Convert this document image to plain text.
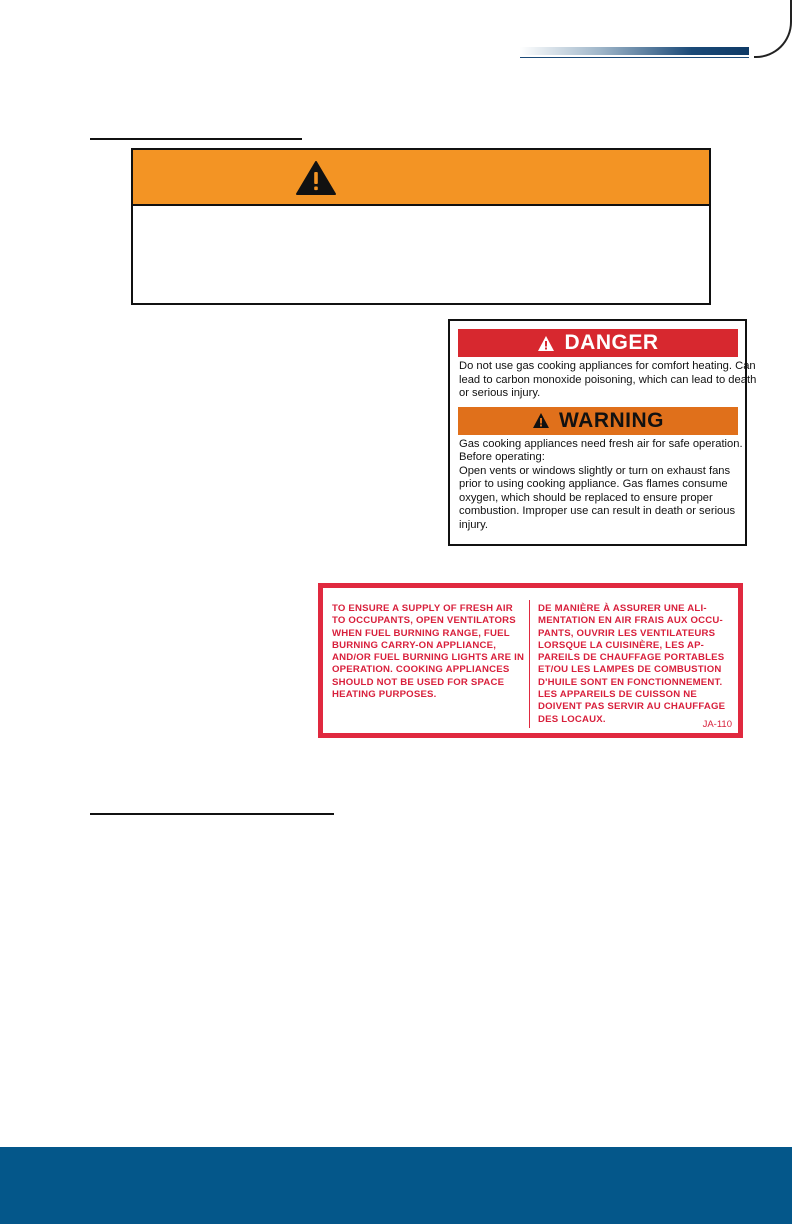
DANGER
Do not use gas cooking appliances for comfort heating. Can
lead to carbon monoxide poisoning, which can lead to death
or serious injury.
WARNING
Gas cooking appliances need fresh air for safe operation.
Before operating:
Open vents or windows slightly or turn on exhaust fans
prior to using cooking appliance. Gas flames consume
oxygen, which should be replaced to ensure proper
combustion. Improper use can result in death or serious
injury.
TO ENSURE A SUPPLY OF FRESH AIR
TO OCCUPANTS, OPEN VENTILATORS
WHEN FUEL BURNING RANGE, FUEL
BURNING CARRY-ON APPLIANCE,
AND/OR FUEL BURNING LIGHTS ARE IN
OPERATION. COOKING APPLIANCES
SHOULD NOT BE USED FOR SPACE
HEATING PURPOSES.
DE MANIÈRE À ASSURER UNE ALI-
MENTATION EN AIR FRAIS AUX OCCU-
PANTS, OUVRIR LES VENTILATEURS
LORSQUE LA CUISINÈRE, LES AP-
PAREILS DE CHAUFFAGE PORTABLES
ET/OU LES LAMPES DE COMBUSTION
D'HUILE SONT EN FONCTIONNEMENT.
LES APPAREILS DE CUISSON NE
DOIVENT PAS SERVIR AU CHAUFFAGE
DES LOCAUX.	JA-110
